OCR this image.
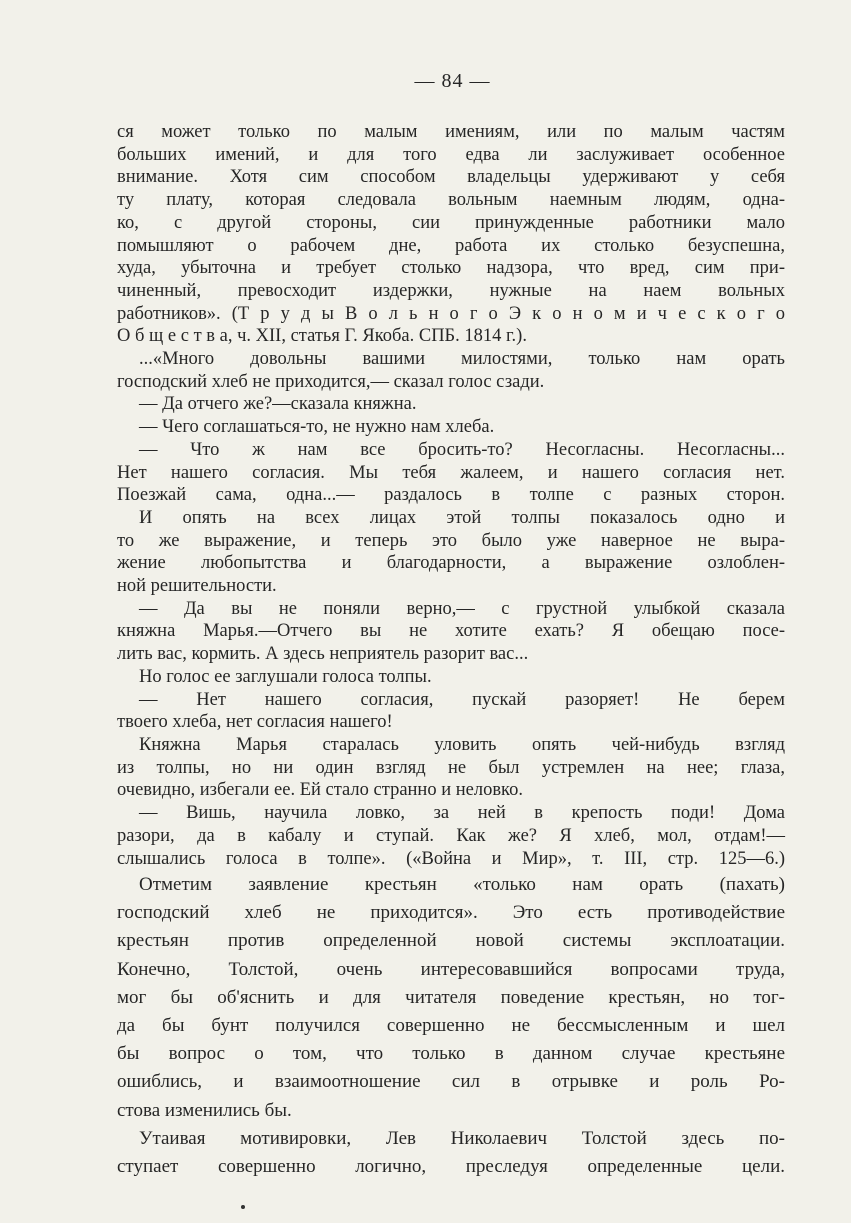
— 84 —
ся может только по малым имениям, или по малым частям
больших имений, и для того едва ли заслуживает особенное
внимание. Хотя сим способом владельцы удерживают у себя
ту плату, которая следовала вольным наемным людям, одна-
ко, с другой стороны, сии принужденные работники мало
помышляют о рабочем дне, работа их столько безуспешна,
худа, убыточна и требует столько надзора, что вред, сим при-
чиненный, превосходит издержки, нужные на наем вольных
работников». (Т р у д ы В о л ь н о г о Э к о н о м и ч е с к о г о
О б щ е с т в а, ч. XII, статья Г. Якоба. СПБ. 1814 г.).
...«Много довольны вашими милостями, только нам орать
господский хлеб не приходится,— сказал голос сзади.
— Да отчего же?—сказала княжна.
— Чего соглашаться-то, не нужно нам хлеба.
— Что ж нам все бросить-то? Несогласны. Несогласны...
Нет нашего согласия. Мы тебя жалеем, и нашего согласия нет.
Поезжай сама, одна...— раздалось в толпе с разных сторон.
И опять на всех лицах этой толпы показалось одно и
то же выражение, и теперь это было уже наверное не выра-
жение любопытства и благодарности, а выражение озлоблен-
ной решительности.
— Да вы не поняли верно,— с грустной улыбкой сказала
княжна Марья.—Отчего вы не хотите ехать? Я обещаю посе-
лить вас, кормить. А здесь неприятель разорит вас...
Но голос ее заглушали голоса толпы.
— Нет нашего согласия, пускай разоряет! Не берем
твоего хлеба, нет согласия нашего!
Княжна Марья старалась уловить опять чей-нибудь взгляд
из толпы, но ни один взгляд не был устремлен на нее; глаза,
очевидно, избегали ее. Ей стало странно и неловко.
— Вишь, научила ловко, за ней в крепость поди! Дома
разори, да в кабалу и ступай. Как же? Я хлеб, мол, отдам!—
слышались голоса в толпе». («Война и Мир», т. III, стр. 125—6.)
Отметим заявление крестьян «только нам орать (пахать)
господский хлеб не приходится». Это есть противодействие
крестьян против определенной новой системы эксплоатации.
Конечно, Толстой, очень интересовавшийся вопросами труда,
мог бы об'яснить и для читателя поведение крестьян, но тог-
да бы бунт получился совершенно не бессмысленным и шел
бы вопрос о том, что только в данном случае крестьяне
ошиблись, и взаимоотношение сил в отрывке и роль Ро-
стова изменились бы.
Утаивая мотивировки, Лев Николаевич Толстой здесь по-
ступает совершенно логично, преследуя определенные цели.
